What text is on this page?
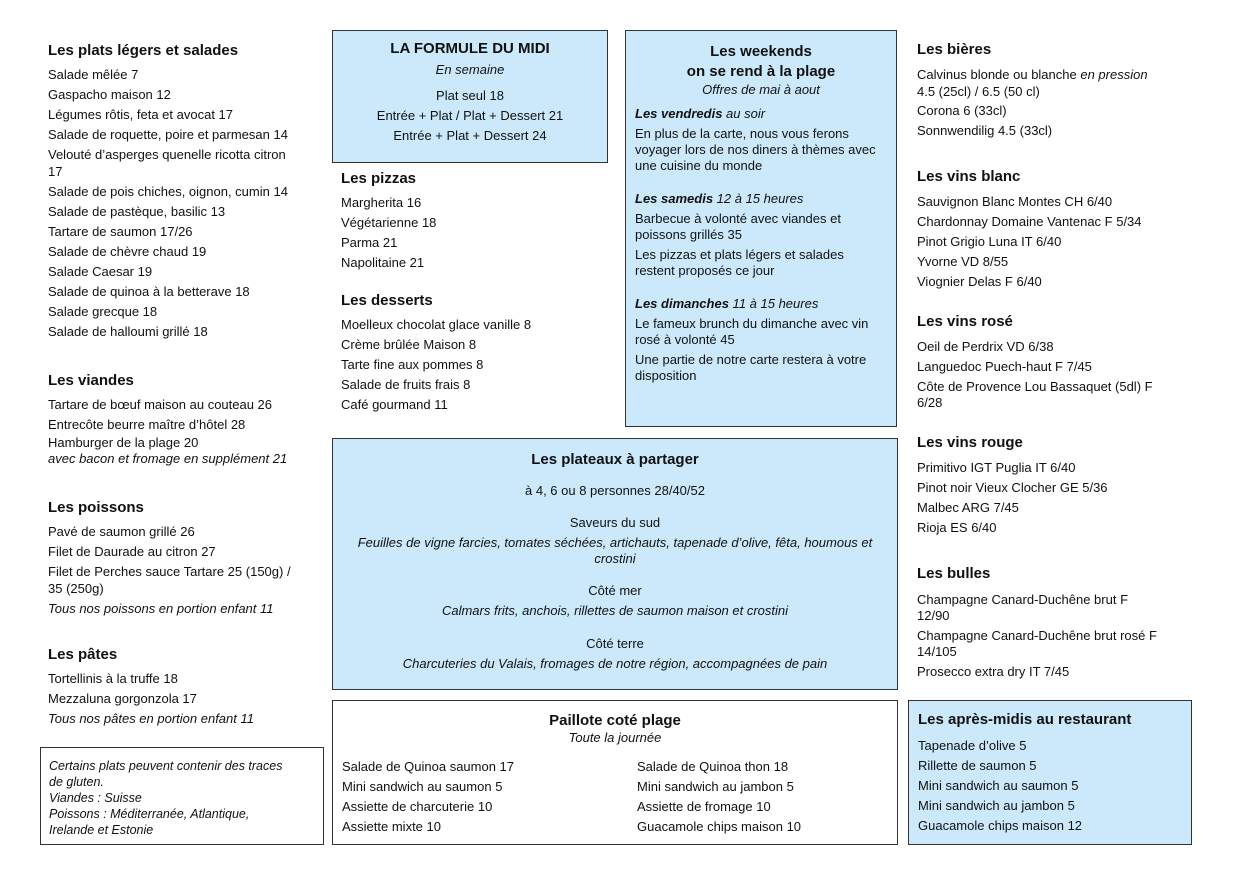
Les plats légers et salades
Salade mêlée 7
Gaspacho maison 12
Légumes rôtis, feta et avocat 17
Salade de roquette, poire et parmesan 14
Velouté d’asperges quenelle ricotta citron
17
Salade de pois chiches, oignon, cumin 14
Salade de pastèque, basilic 13
Tartare de saumon 17/26
Salade de chèvre chaud 19
Salade Caesar 19
Salade de quinoa à la betterave 18
Salade grecque 18
Salade de halloumi grillé 18
Les viandes
Tartare de bœuf maison au couteau 26
Entrecôte beurre maître d’hôtel 28
Hamburger de la plage 20
avec bacon et fromage en supplément 21
Les poissons
Pavé de saumon grillé 26
Filet de Daurade au citron 27
Filet de Perches sauce Tartare 25 (150g) /
35 (250g)
Tous nos poissons en portion enfant 11
Les pâtes
Tortellinis à la truffe 18
Mezzaluna gorgonzola 17
Tous nos pâtes en portion enfant 11
Certains plats peuvent contenir des traces
de gluten.
Viandes : Suisse
Poissons : Méditerranée, Atlantique,
Irelande et Estonie
LA FORMULE DU MIDI
En semaine
Plat seul 18
Entrée + Plat / Plat + Dessert 21
Entrée + Plat + Dessert 24
Les pizzas
Margherita 16
Végétarienne 18
Parma 21
Napolitaine 21
Les desserts
Moelleux chocolat glace vanille 8
Crème brûlée Maison 8
Tarte fine aux pommes 8
Salade de fruits frais 8
Café gourmand 11
Les weekends
on se rend à la plage
Offres de mai à aout
Les vendredis au soir
En plus de la carte, nous vous ferons
voyager lors de nos diners à thèmes avec
une cuisine du monde
Les samedis 12 à 15 heures
Barbecue à volonté avec viandes et
poissons grillés 35
Les pizzas et plats légers et salades
restent proposés ce jour
Les dimanches 11 à 15 heures
Le fameux brunch du dimanche avec vin
rosé à volonté 45
Une partie de notre carte restera à votre
disposition
Les plateaux à partager
à 4, 6 ou 8 personnes 28/40/52
Saveurs du sud
Feuilles de vigne farcies, tomates séchées, artichauts, tapenade d’olive, fêta, houmous et
crostini
Côté mer
Calmars frits, anchois, rillettes de saumon maison et crostini
Côté terre
Charcuteries du Valais, fromages de notre région, accompagnées de pain
Paillote coté plage
Toute la journée
Salade de Quinoa saumon 17
Mini sandwich au saumon 5
Assiette de charcuterie 10
Assiette mixte 10
Salade de Quinoa thon 18
Mini sandwich au jambon 5
Assiette de fromage 10
Guacamole chips maison 10
Les bières
Calvinus blonde ou blanche en pression
4.5 (25cl) / 6.5 (50 cl)
Corona 6 (33cl)
Sonnwendilig 4.5 (33cl)
Les vins blanc
Sauvignon Blanc Montes CH 6/40
Chardonnay Domaine Vantenac F 5/34
Pinot Grigio Luna IT 6/40
Yvorne VD 8/55
Viognier Delas F 6/40
Les vins rosé
Oeil de Perdrix VD 6/38
Languedoc Puech-haut F 7/45
Côte de Provence Lou Bassaquet (5dl) F
6/28
Les vins rouge
Primitivo IGT Puglia IT 6/40
Pinot noir Vieux Clocher GE 5/36
Malbec ARG 7/45
Rioja ES 6/40
Les bulles
Champagne Canard-Duchêne brut F
12/90
Champagne Canard-Duchêne brut rosé F
14/105
Prosecco extra dry IT 7/45
Les après-midis au restaurant
Tapenade d’olive 5
Rillette de saumon 5
Mini sandwich au saumon 5
Mini sandwich au jambon 5
Guacamole chips maison 12
